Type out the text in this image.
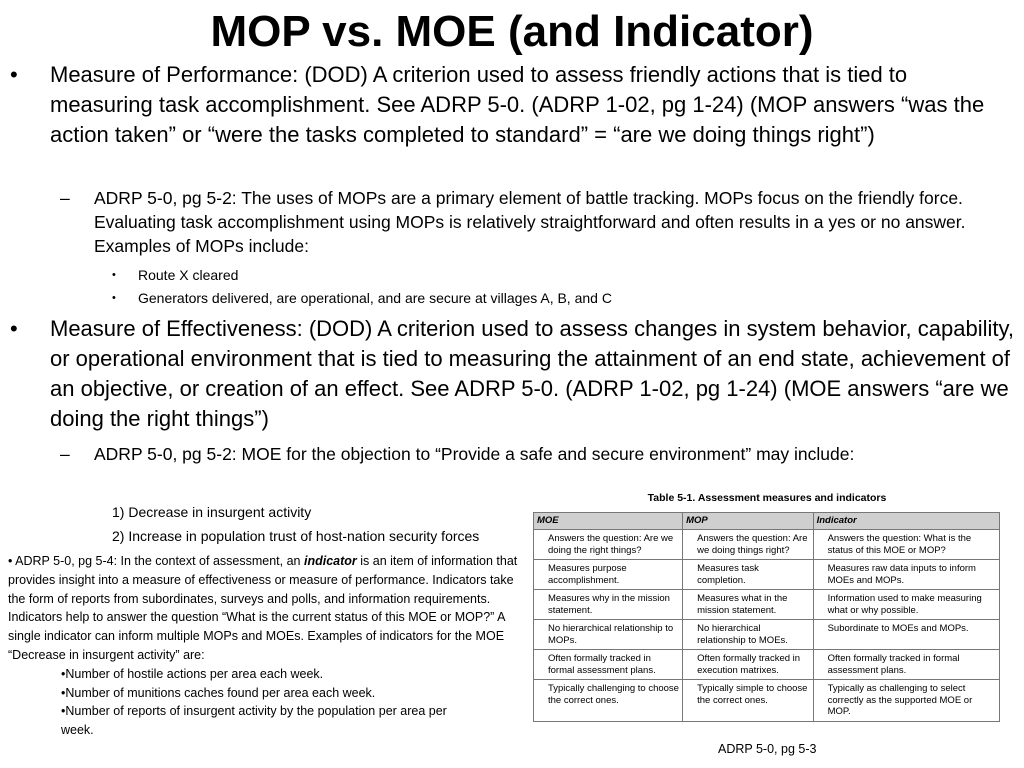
MOP vs. MOE (and Indicator)
• Measure of Performance: (DOD) A criterion used to assess friendly actions that is tied to measuring task accomplishment. See ADRP 5-0. (ADRP 1-02, pg 1-24) (MOP answers “was the action taken” or “were the tasks completed to standard” = “are we doing things right”)
– ADRP 5-0, pg 5-2: The uses of MOPs are a primary element of battle tracking. MOPs focus on the friendly force. Evaluating task accomplishment using MOPs is relatively straightforward and often results in a yes or no answer. Examples of MOPs include:
• Route X cleared
• Generators delivered, are operational, and are secure at villages A, B, and C
• Measure of Effectiveness: (DOD) A criterion used to assess changes in system behavior, capability, or operational environment that is tied to measuring the attainment of an end state, achievement of an objective, or creation of an effect. See ADRP 5-0. (ADRP 1-02, pg 1-24) (MOE answers “are we doing the right things”)
– ADRP 5-0, pg 5-2: MOE for the objection to “Provide a safe and secure environment” may include:
1) Decrease in insurgent activity
2) Increase in population trust of host-nation security forces
• ADRP 5-0, pg 5-4: In the context of assessment, an indicator is an item of information that provides insight into a measure of effectiveness or measure of performance. Indicators take the form of reports from subordinates, surveys and polls, and information requirements. Indicators help to answer the question “What is the current status of this MOE or MOP?” A single indicator can inform multiple MOPs and MOEs. Examples of indicators for the MOE “Decrease in insurgent activity” are:
•Number of hostile actions per area each week.
•Number of munitions caches found per area each week.
•Number of reports of insurgent activity by the population per area per
week.
Table 5-1. Assessment measures and indicators
MOE	MOP	Indicator
Answers the question: Are we doing the right things?	Answers the question: Are we doing things right?	Answers the question: What is the status of this MOE or MOP?
Measures purpose accomplishment.	Measures task completion.	Measures raw data inputs to inform MOEs and MOPs.
Measures why in the mission statement.	Measures what in the mission statement.	Information used to make measuring what or why possible.
No hierarchical relationship to MOPs.	No hierarchical relationship to MOEs.	Subordinate to MOEs and MOPs.
Often formally tracked in formal assessment plans.	Often formally tracked in execution matrixes.	Often formally tracked in formal assessment plans.
Typically challenging to choose the correct ones.	Typically simple to choose the correct ones.	Typically as challenging to select correctly as the supported MOE or MOP.
ADRP 5-0, pg 5-3
